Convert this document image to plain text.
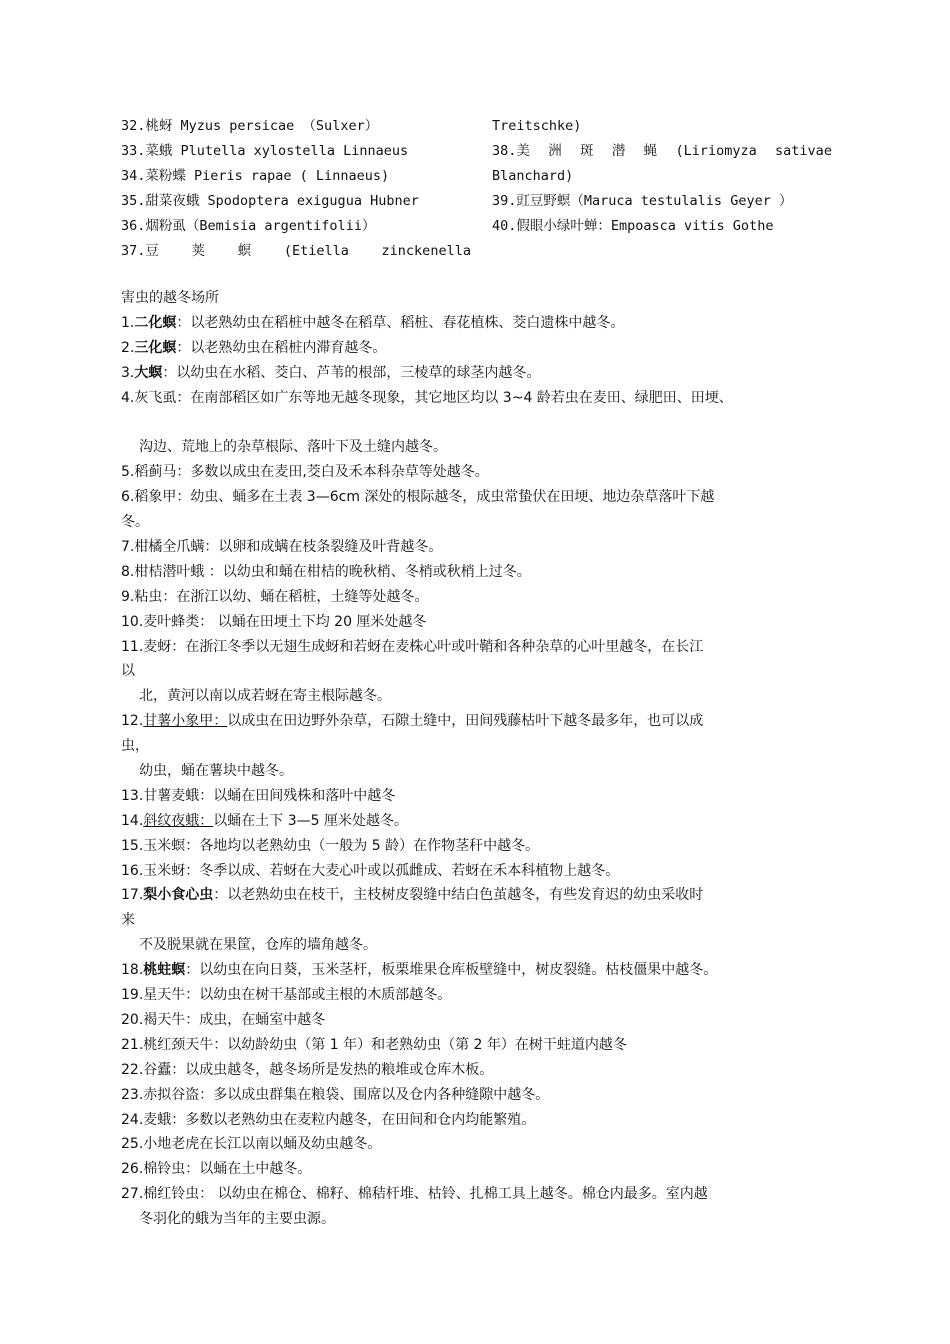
32.桃蚜 Myzus persicae （Sulxer）
33.菜蛾 Plutella xylostella Linnaeus
34.菜粉蝶 Pieris rapae ( Linnaeus)
35.甜菜夜蛾 Spodoptera exigugua Hubner
36.烟粉虱（Bemisia argentifolii）
37.豆 荚 螟 (Etiella zinckenella
Treitschke)
38.美 洲 斑 潜 蝇 (Liriomyza sativae
Blanchard)
39.豇豆野螟（Maruca testulalis Geyer ）
40.假眼小绿叶蝉：Empoasca vitis Gothe
害虫的越冬场所
1.二化螟：以老熟幼虫在稻桩中越冬在稻草、稻桩、春花植株、茭白遗株中越冬。
2.三化螟：以老熟幼虫在稻桩内滞育越冬。
3.大螟：以幼虫在水稻、茭白、芦苇的根部，三棱草的球茎内越冬。
4.灰飞虱：在南部稻区如广东等地无越冬现象，其它地区均以 3~4 龄若虫在麦田、绿肥田、田埂、
沟边、荒地上的杂草根际、落叶下及土缝内越冬。
5.稻蓟马：多数以成虫在麦田,茭白及禾本科杂草等处越冬。
6.稻象甲：幼虫、蛹多在土表 3—6cm 深处的根际越冬，成虫常蛰伏在田埂、地边杂草落叶下越
冬。
7.柑橘全爪螨：以卵和成螨在枝条裂缝及叶背越冬。
8.柑桔潜叶蛾 ：以幼虫和蛹在柑桔的晚秋梢、冬梢或秋梢上过冬。
9.粘虫：在浙江以幼、蛹在稻桩，土缝等处越冬。
10.麦叶蜂类： 以蛹在田埂土下均 20 厘米处越冬
11.麦蚜：在浙江冬季以无翅生成蚜和若蚜在麦株心叶或叶鞘和各种杂草的心叶里越冬，在长江
以
北，黄河以南以成若蚜在寄主根际越冬。
12.甘薯小象甲：以成虫在田边野外杂草，石隙土缝中，田间残藤枯叶下越冬最多年，也可以成
虫，
幼虫，蛹在薯块中越冬。
13.甘薯麦蛾：以蛹在田间残株和落叶中越冬
14.斜纹夜蛾：以蛹在土下 3—5 厘米处越冬。
15.玉米螟：各地均以老熟幼虫（一般为 5 龄）在作物茎秆中越冬。
16.玉米蚜：冬季以成、若蚜在大麦心叶或以孤雌成、若蚜在禾本科植物上越冬。
17.梨小食心虫：以老熟幼虫在枝干，主枝树皮裂缝中结白色茧越冬，有些发育迟的幼虫采收时
来
不及脱果就在果筐，仓库的墙角越冬。
18.桃蛀螟：以幼虫在向日葵，玉米茎杆，板栗堆果仓库板壁缝中，树皮裂缝。枯枝僵果中越冬。
19.星天牛：以幼虫在树干基部或主根的木质部越冬。
20.褐天牛：成虫，在蛹室中越冬
21.桃红颈天牛：以幼龄幼虫（第 1 年）和老熟幼虫（第 2 年）在树干蛀道内越冬
22.谷蠹：以成虫越冬，越冬场所是发热的粮堆或仓库木板。
23.赤拟谷盗：多以成虫群集在粮袋、围席以及仓内各种缝隙中越冬。
24.麦蛾：多数以老熟幼虫在麦粒内越冬，在田间和仓内均能繁殖。
25.小地老虎在长江以南以蛹及幼虫越冬。
26.棉铃虫：以蛹在土中越冬。
27.棉红铃虫： 以幼虫在棉仓、棉籽、棉秸杆堆、枯铃、扎棉工具上越冬。棉仓内最多。室内越
冬羽化的蛾为当年的主要虫源。
